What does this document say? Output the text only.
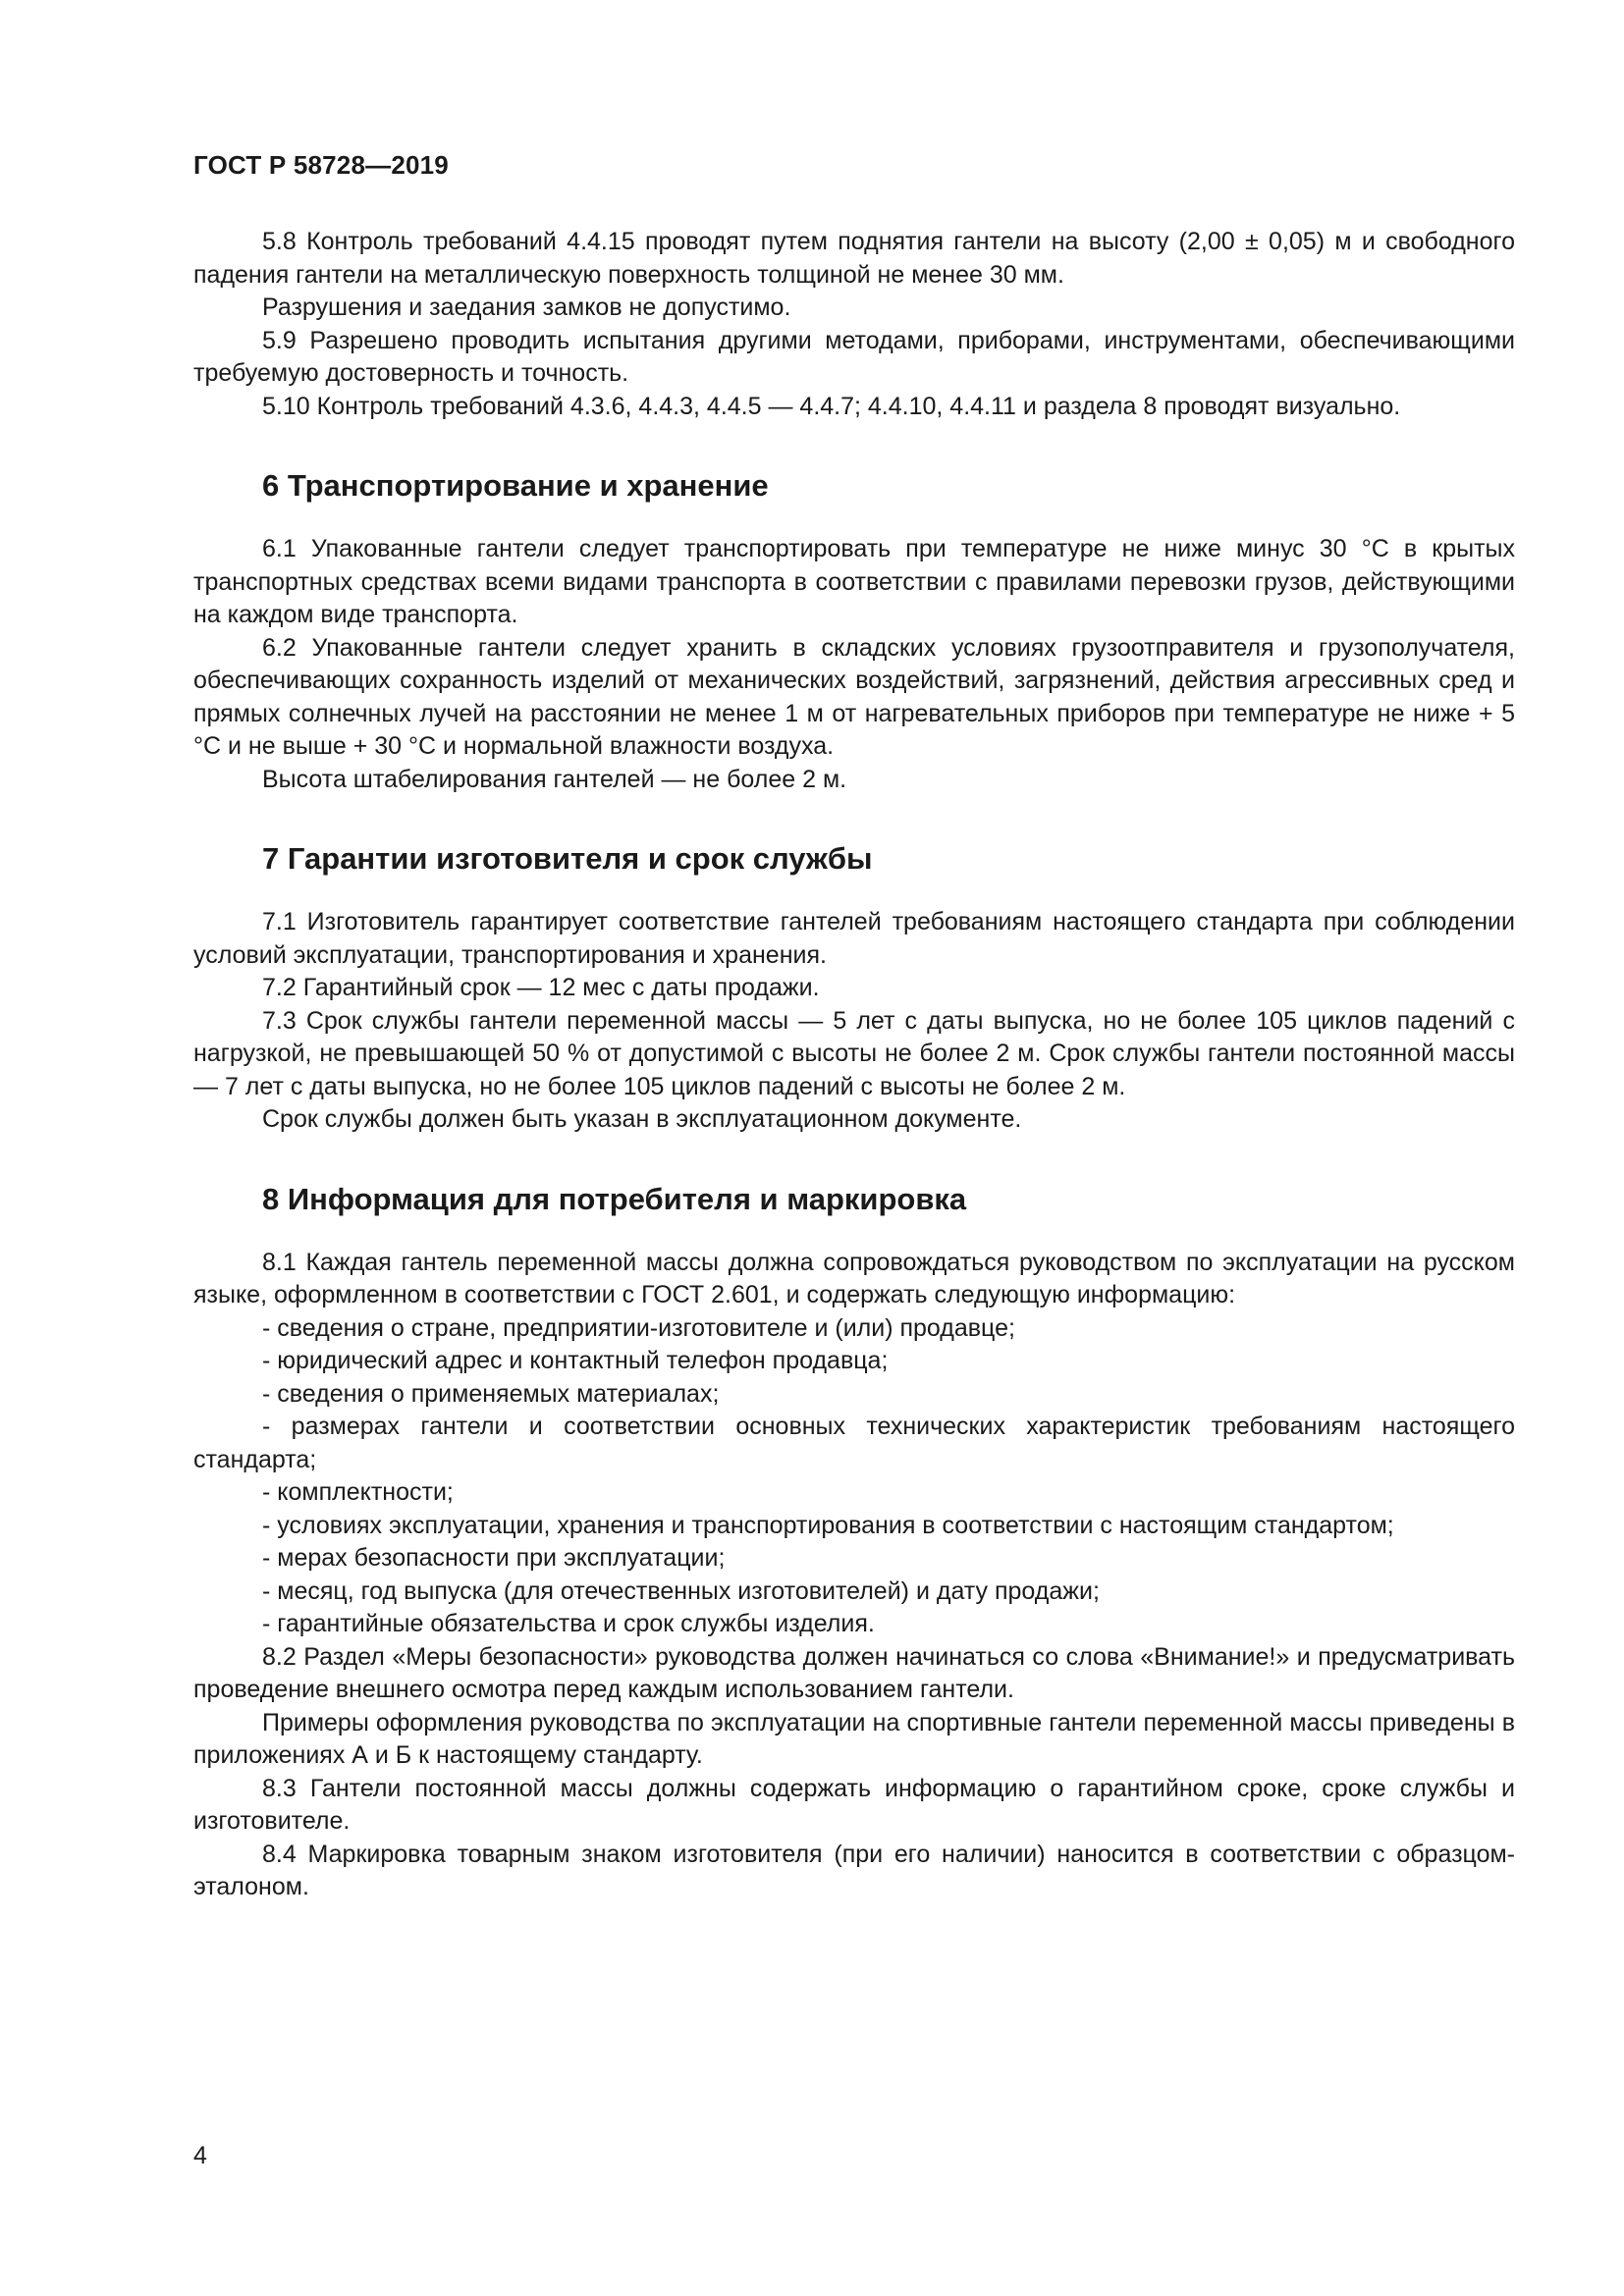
ГОСТ Р 58728—2019

5.8 Контроль требований 4.4.15 проводят путем поднятия гантели на высоту (2,00 ± 0,05) м и свободного падения гантели на металлическую поверхность толщиной не менее 30 мм.

Разрушения и заедания замков не допустимо.

5.9 Разрешено проводить испытания другими методами, приборами, инструментами, обеспечивающими требуемую достоверность и точность.

5.10 Контроль требований 4.3.6, 4.4.3, 4.4.5 — 4.4.7; 4.4.10, 4.4.11 и раздела 8 проводят визуально.

6 Транспортирование и хранение

6.1 Упакованные гантели следует транспортировать при температуре не ниже минус 30 °С в крытых транспортных средствах всеми видами транспорта в соответствии с правилами перевозки грузов, действующими на каждом виде транспорта.

6.2 Упакованные гантели следует хранить в складских условиях грузоотправителя и грузополучателя, обеспечивающих сохранность изделий от механических воздействий, загрязнений, действия агрессивных сред и прямых солнечных лучей на расстоянии не менее 1 м от нагревательных приборов при температуре не ниже + 5 °С и не выше + 30 °С и нормальной влажности воздуха.

Высота штабелирования гантелей — не более 2 м.

7 Гарантии изготовителя и срок службы

7.1 Изготовитель гарантирует соответствие гантелей требованиям настоящего стандарта при соблюдении условий эксплуатации, транспортирования и хранения.

7.2 Гарантийный срок — 12 мес с даты продажи.

7.3 Срок службы гантели переменной массы — 5 лет с даты выпуска, но не более 105 циклов падений с нагрузкой, не превышающей 50 % от допустимой с высоты не более 2 м. Срок службы гантели постоянной массы — 7 лет с даты выпуска, но не более 105 циклов падений с высоты не более 2 м.

Срок службы должен быть указан в эксплуатационном документе.

8 Информация для потребителя и маркировка

8.1 Каждая гантель переменной массы должна сопровождаться руководством по эксплуатации на русском языке, оформленном в соответствии с ГОСТ 2.601, и содержать следующую информацию:

- сведения о стране, предприятии-изготовителе и (или) продавце;

- юридический адрес и контактный телефон продавца;

- сведения о применяемых материалах;

- размерах гантели и соответствии основных технических характеристик требованиям настоящего стандарта;

- комплектности;

- условиях эксплуатации, хранения и транспортирования в соответствии с настоящим стандартом;

- мерах безопасности при эксплуатации;

- месяц, год выпуска (для отечественных изготовителей) и дату продажи;

- гарантийные обязательства и срок службы изделия.

8.2 Раздел «Меры безопасности» руководства должен начинаться со слова «Внимание!» и предусматривать проведение внешнего осмотра перед каждым использованием гантели.

Примеры оформления руководства по эксплуатации на спортивные гантели переменной массы приведены в приложениях А и Б к настоящему стандарту.

8.3 Гантели постоянной массы должны содержать информацию о гарантийном сроке, сроке службы и изготовителе.

8.4 Маркировка товарным знаком изготовителя (при его наличии) наносится в соответствии с образцом-эталоном.

4
